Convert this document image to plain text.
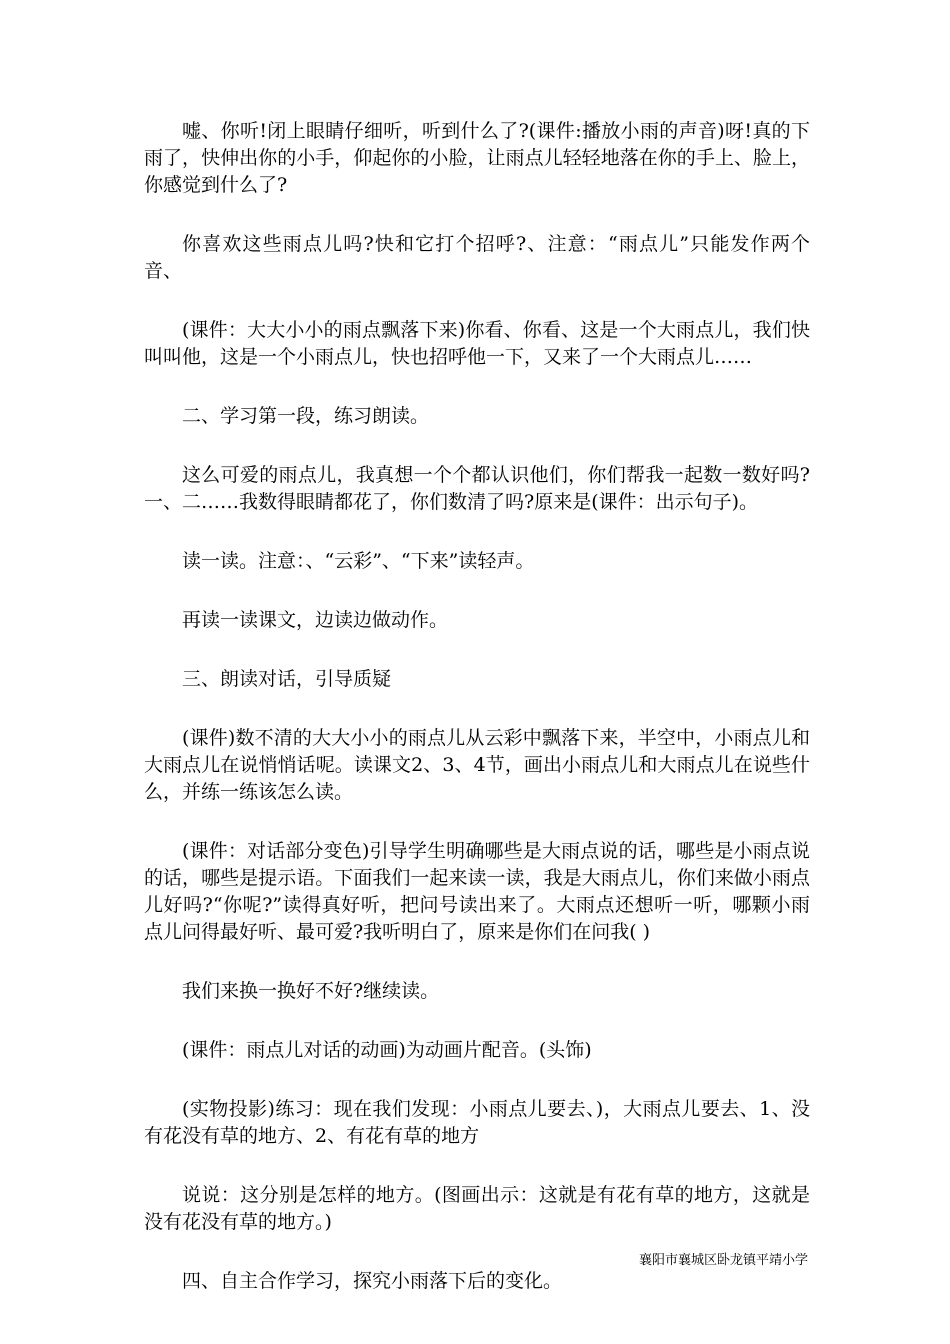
嘘、你听!闭上眼睛仔细听，听到什么了?(课件:播放小雨的声音)呀!真的下雨了，快伸出你的小手，仰起你的小脸，让雨点儿轻轻地落在你的手上、脸上，你感觉到什么了?

你喜欢这些雨点儿吗?快和它打个招呼?、注意：“雨点儿”只能发作两个音、

(课件：大大小小的雨点飘落下来)你看、你看、这是一个大雨点儿，我们快叫叫他，这是一个小雨点儿，快也招呼他一下，又来了一个大雨点儿……

二、学习第一段，练习朗读。

这么可爱的雨点儿，我真想一个个都认识他们，你们帮我一起数一数好吗?一、二……我数得眼睛都花了，你们数清了吗?原来是(课件：出示句子)。

读一读。注意：、“云彩”、“下来”读轻声。

再读一读课文，边读边做动作。

三、朗读对话，引导质疑

(课件)数不清的大大小小的雨点儿从云彩中飘落下来，半空中，小雨点儿和大雨点儿在说悄悄话呢。读课文2、3、4节，画出小雨点儿和大雨点儿在说些什么，并练一练该怎么读。

(课件：对话部分变色)引导学生明确哪些是大雨点说的话，哪些是小雨点说的话，哪些是提示语。下面我们一起来读一读，我是大雨点儿，你们来做小雨点儿好吗?“你呢?”读得真好听，把问号读出来了。大雨点还想听一听，哪颗小雨点儿问得最好听、最可爱?我听明白了，原来是你们在问我( )

我们来换一换好不好?继续读。

(课件：雨点儿对话的动画)为动画片配音。(头饰)

(实物投影)练习：现在我们发现：小雨点儿要去、)，大雨点儿要去、1、没有花没有草的地方、2、有花有草的地方

说说：这分别是怎样的地方。(图画出示：这就是有花有草的地方，这就是没有花没有草的地方。)

四、自主合作学习，探究小雨落下后的变化。

襄阳市襄城区卧龙镇平靖小学
